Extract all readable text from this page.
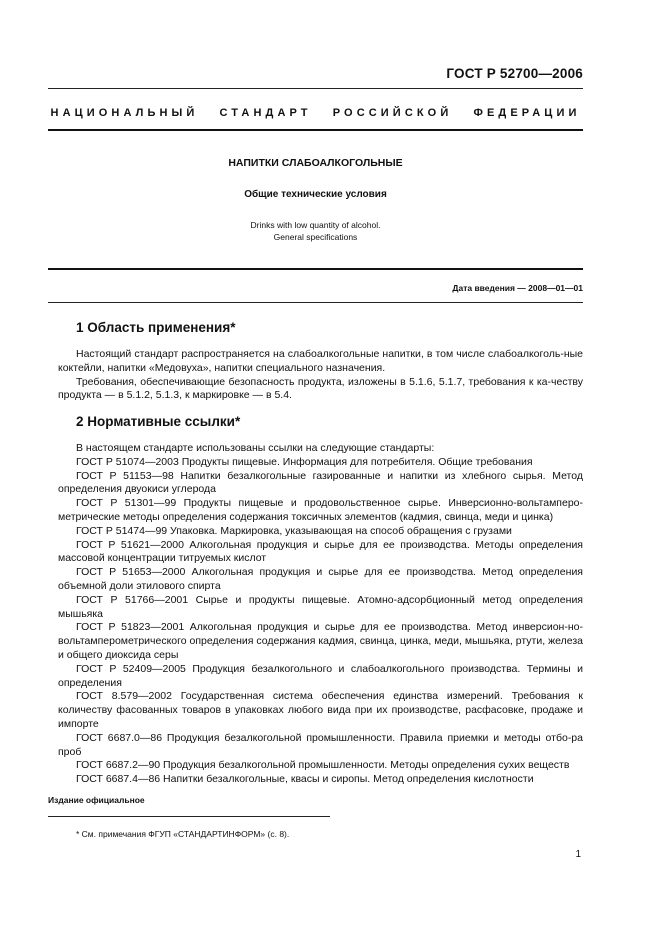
ГОСТ Р 52700—2006
НАЦИОНАЛЬНЫЙ СТАНДАРТ РОССИЙСКОЙ ФЕДЕРАЦИИ
НАПИТКИ СЛАБОАЛКОГОЛЬНЫЕ
Общие технические условия
Drinks with low quantity of alcohol.
General specifications
Дата введения — 2008—01—01
1 Область применения*

Настоящий стандарт распространяется на слабоалкогольные напитки, в том числе слабоалкоголь-ные коктейли, напитки «Медовуха», напитки специального назначения.

Требования, обеспечивающие безопасность продукта, изложены в 5.1.6, 5.1.7, требования к ка-честву продукта — в 5.1.2, 5.1.3, к маркировке — в 5.4.

2 Нормативные ссылки*

В настоящем стандарте использованы ссылки на следующие стандарты:

ГОСТ Р 51074—2003 Продукты пищевые. Информация для потребителя. Общие требования

ГОСТ Р 51153—98 Напитки безалкогольные газированные и напитки из хлебного сырья. Метод определения двуокиси углерода

ГОСТ Р 51301—99 Продукты пищевые и продовольственное сырье. Инверсионно-вольтамперо-метрические методы определения содержания токсичных элементов (кадмия, свинца, меди и цинка)

ГОСТ Р 51474—99 Упаковка. Маркировка, указывающая на способ обращения с грузами

ГОСТ Р 51621—2000 Алкогольная продукция и сырье для ее производства. Методы определения массовой концентрации титруемых кислот

ГОСТ Р 51653—2000 Алкогольная продукция и сырье для ее производства. Метод определения объемной доли этилового спирта

ГОСТ Р 51766—2001 Сырье и продукты пищевые. Атомно-адсорбционный метод определения мышьяка

ГОСТ Р 51823—2001 Алкогольная продукция и сырье для ее производства. Метод инверсион-но-вольтамперометрического определения содержания кадмия, свинца, цинка, меди, мышьяка, ртути, железа и общего диоксида серы

ГОСТ Р 52409—2005 Продукция безалкогольного и слабоалкогольного производства. Термины и определения

ГОСТ 8.579—2002 Государственная система обеспечения единства измерений. Требования к количеству фасованных товаров в упаковках любого вида при их производстве, расфасовке, продаже и импорте

ГОСТ 6687.0—86 Продукция безалкогольной промышленности. Правила приемки и методы отбо-ра проб

ГОСТ 6687.2—90 Продукция безалкогольной промышленности. Методы определения сухих веществ

ГОСТ 6687.4—86 Напитки безалкогольные, квасы и сиропы. Метод определения кислотности

Издание официальное
* См. примечания ФГУП «СТАНДАРТИНФОРМ» (с. 8).
1
